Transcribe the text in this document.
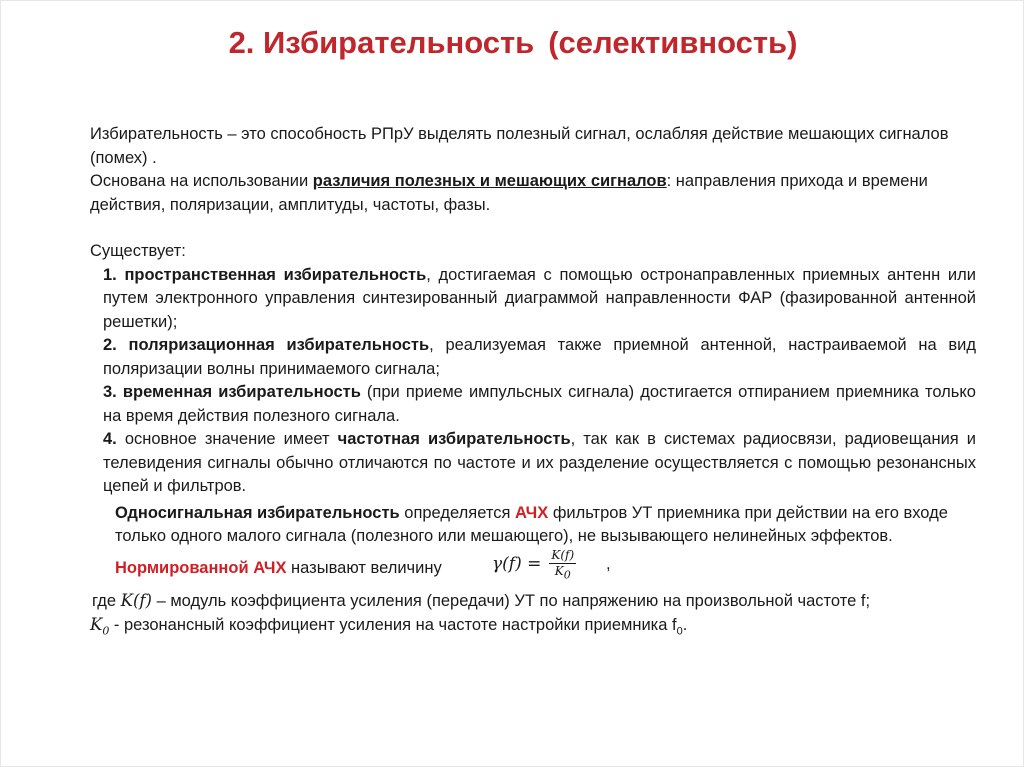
2. Избирательность (селективность)

Избирательность – это способность РПрУ выделять полезный сигнал, ослабляя действие мешающих сигналов (помех) .

Основана на использовании различия полезных и мешающих сигналов: направления прихода и времени действия, поляризации, амплитуды, частоты, фазы.

Существует:

1. пространственная избирательность, достигаемая с помощью остронаправленных приемных антенн или путем электронного управления синтезированный диаграммой направленности ФАР (фазированной антенной решетки);

2. поляризационная избирательность, реализуемая также приемной антенной, настраиваемой на вид поляризации волны принимаемого сигнала;

3. временная избирательность (при приеме импульсных сигнала) достигается отпиранием приемника только на время действия полезного сигнала.

4. основное значение имеет частотная избирательность, так как в системах радиосвязи, радиовещания и телевидения сигналы обычно отличаются по частоте и их разделение осуществляется с помощью резонансных цепей и фильтров.

Односигнальная избирательность определяется АЧХ фильтров УТ приемника при действии на его входе только одного малого сигнала (полезного или мешающего), не вызывающего нелинейных эффектов.

Нормированной АЧХ называют величину	$\gamma(f) = \frac{K(f)}{K_0}$ ,

где K(f) – модуль коэффициента усиления (передачи) УТ по напряжению на произвольной частоте f;

$K_0$ - резонансный коэффициент усиления на частоте настройки приемника $f_0$.
